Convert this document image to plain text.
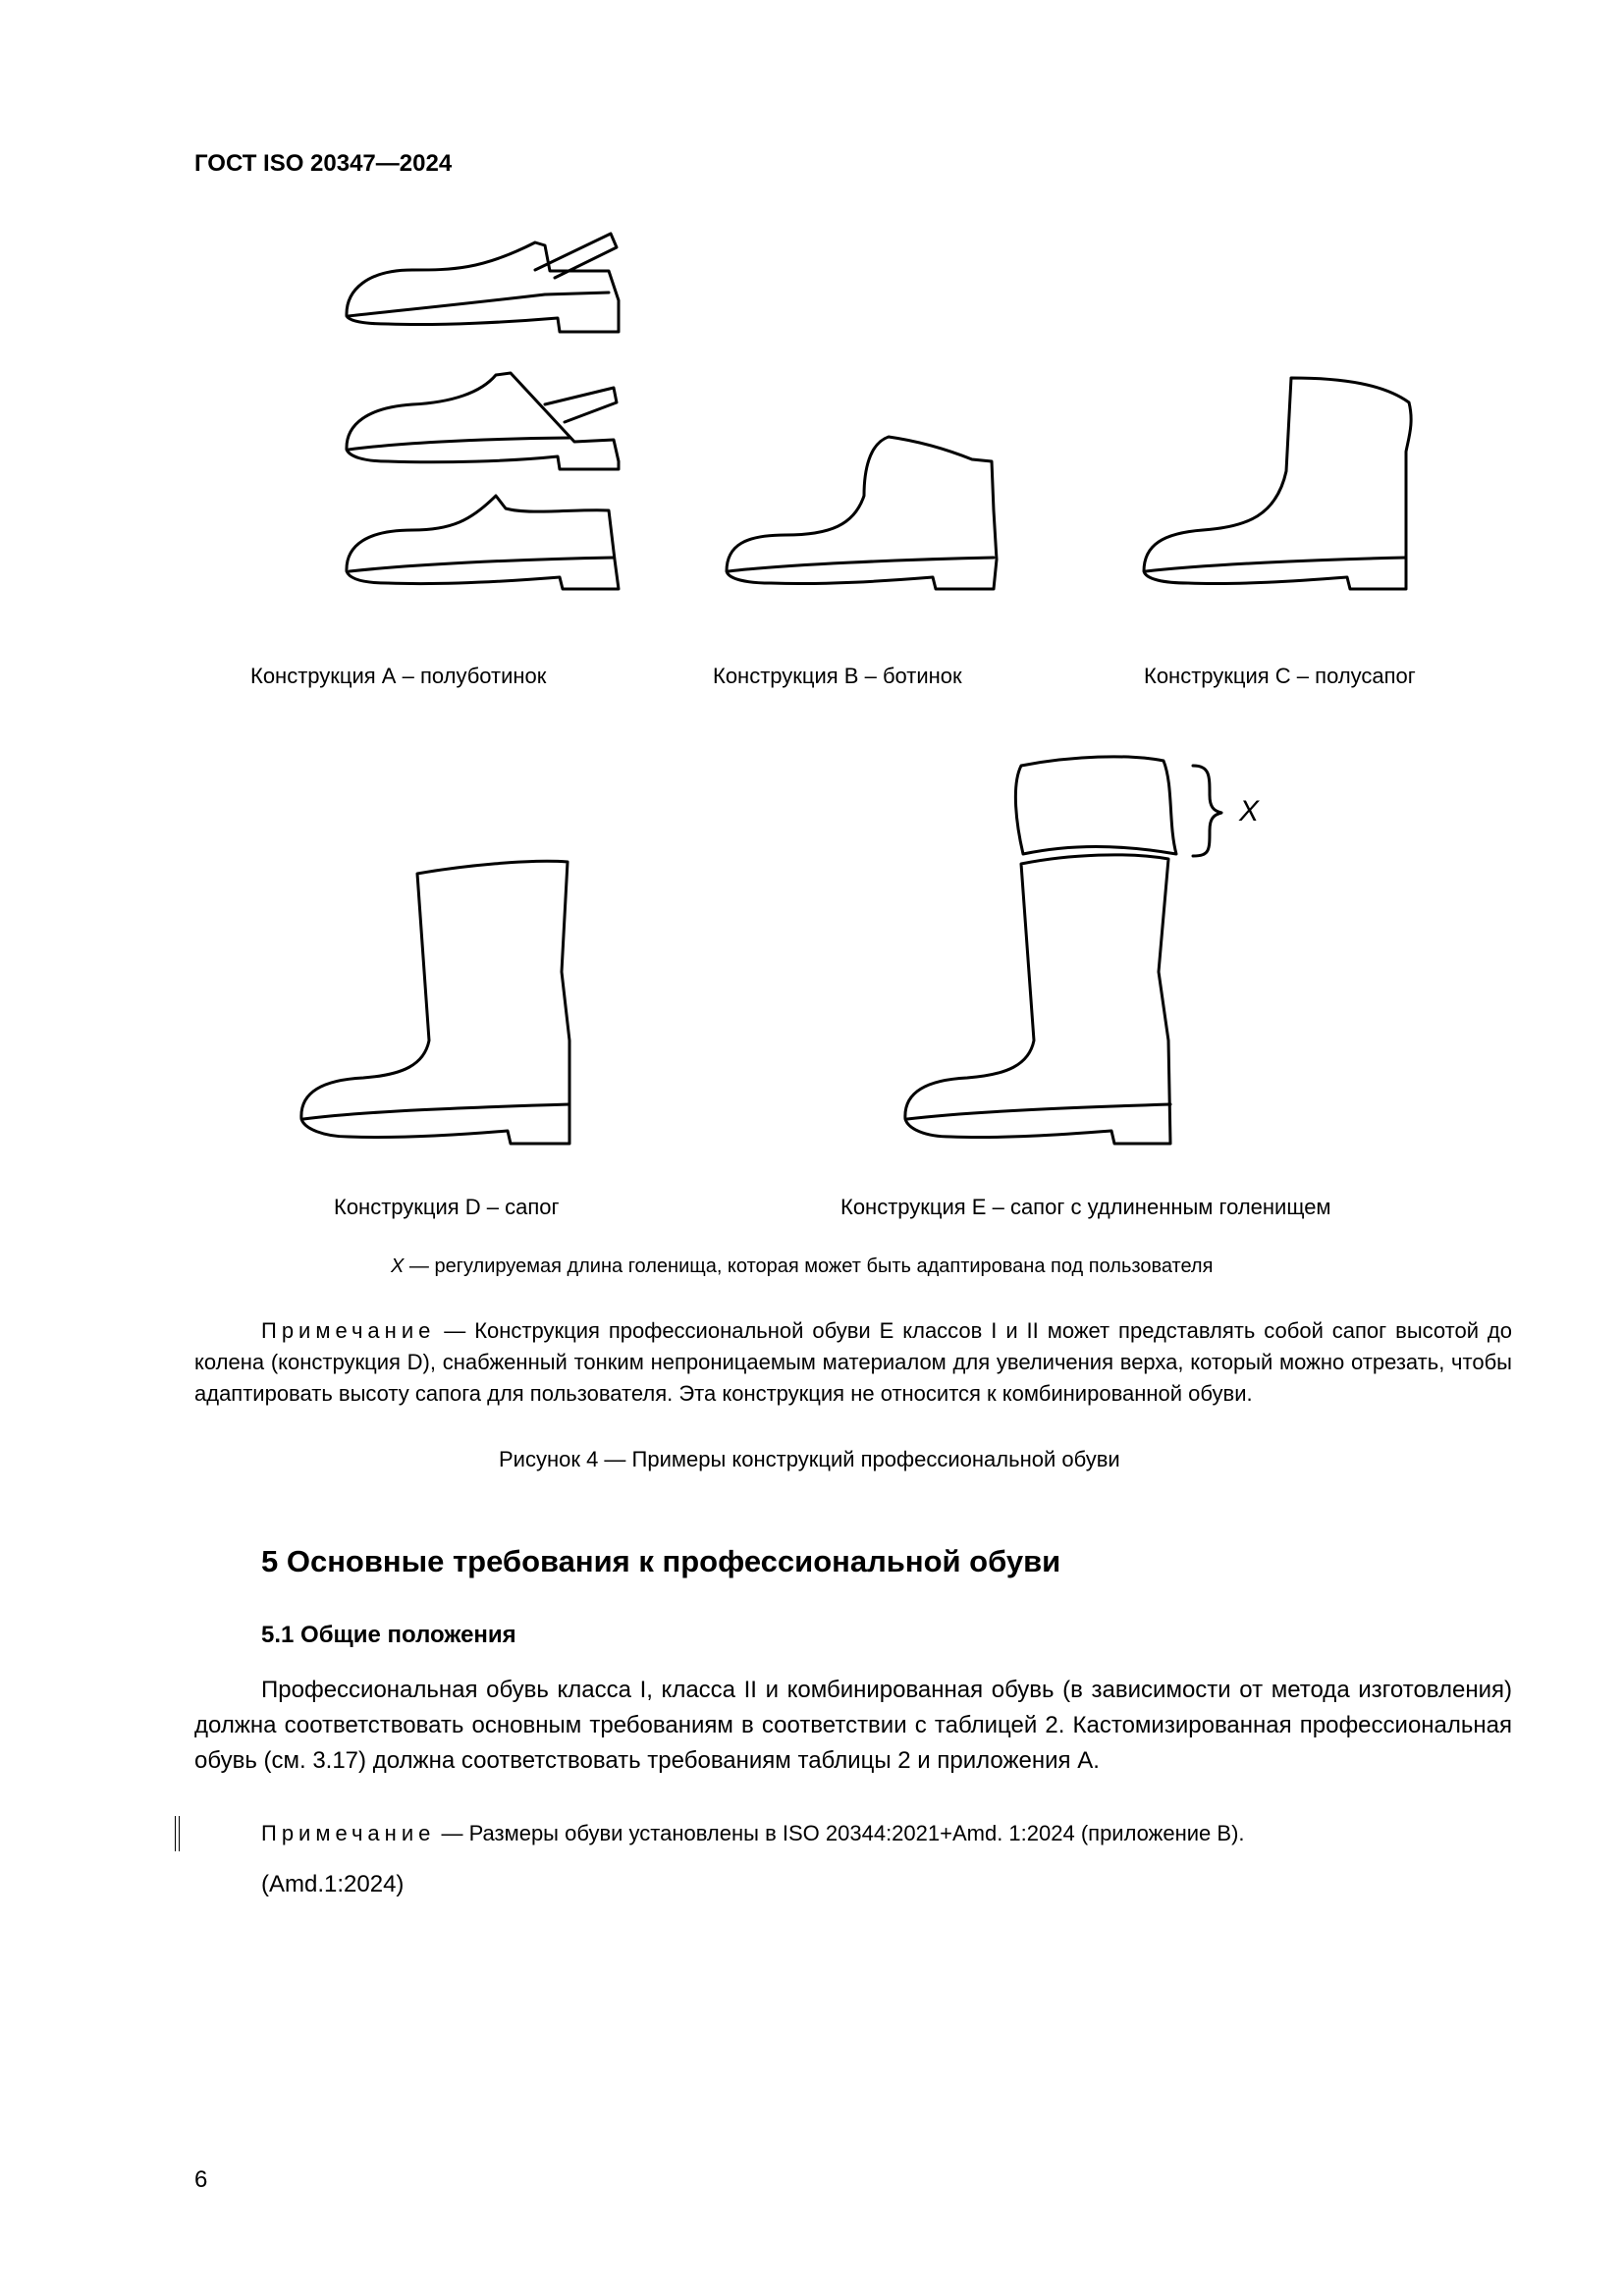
ГОСТ ISO 20347—2024
X
Конструкция А – полуботинок	Конструкция В – ботинок	Конструкция С – полусапог
Конструкция D – сапог	Конструкция Е – сапог с удлиненным голенищем
X — регулируемая длина голенища, которая может быть адаптирована под пользователя
Примечание — Конструкция профессиональной обуви Е классов I и II может представлять собой сапог высотой до колена (конструкция D), снабженный тонким непроницаемым материалом для увеличения верха, который можно отрезать, чтобы адаптировать высоту сапога для пользователя. Эта конструкция не относится к комбинированной обуви.
Рисунок 4 — Примеры конструкций профессиональной обуви
5 Основные требования к профессиональной обуви
5.1 Общие положения
Профессиональная обувь класса I, класса II и комбинированная обувь (в зависимости от метода изготовления) должна соответствовать основным требованиям в соответствии с таблицей 2. Кастомизированная профессиональная обувь (см. 3.17) должна соответствовать требованиям таблицы 2 и приложения А.
Примечание — Размеры обуви установлены в ISO 20344:2021+Amd. 1:2024 (приложение В).
(Amd.1:2024)
6
